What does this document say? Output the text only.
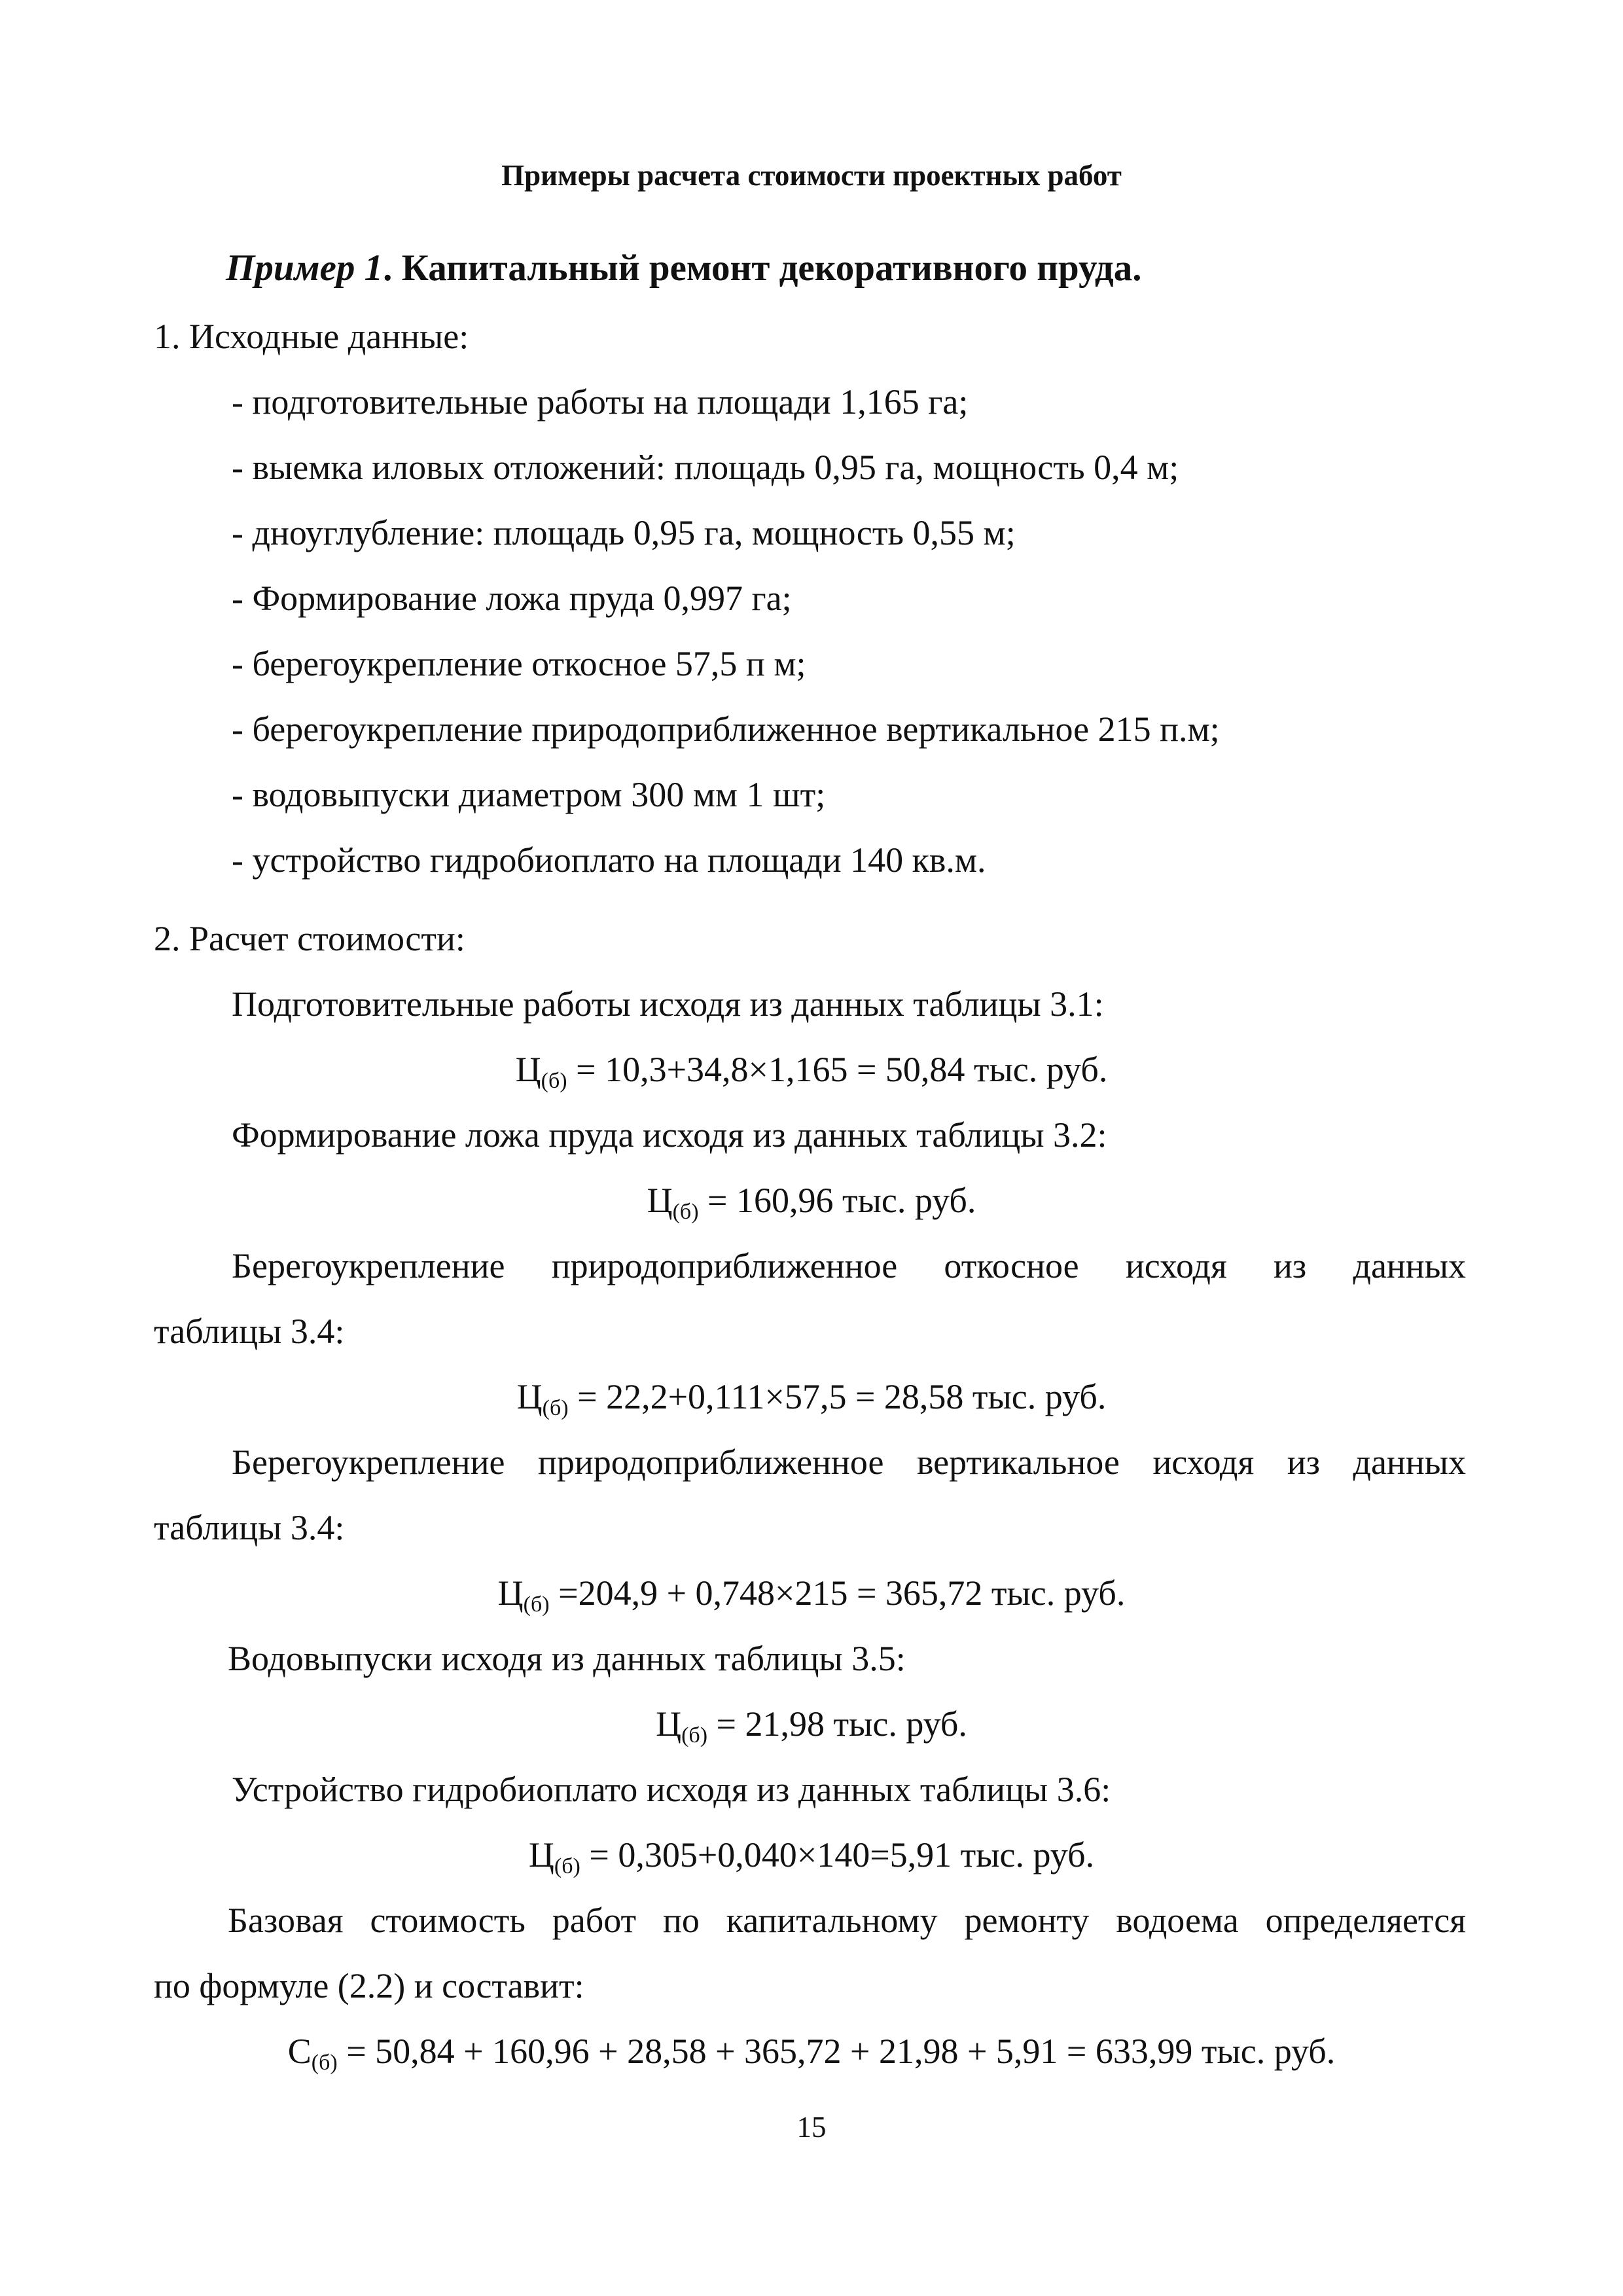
Примеры расчета стоимости проектных работ
Пример 1. Капитальный ремонт декоративного пруда.
1. Исходные данные:
- подготовительные работы на площади 1,165 га;
- выемка иловых отложений: площадь 0,95 га, мощность 0,4 м;
- дноуглубление: площадь 0,95 га, мощность 0,55 м;
- Формирование ложа пруда 0,997 га;
- берегоукрепление откосное 57,5 п м;
- берегоукрепление природоприближенное вертикальное 215 п.м;
- водовыпуски диаметром 300 мм 1 шт;
- устройство гидробиоплато на площади 140 кв.м.
2. Расчет стоимости:
Подготовительные работы исходя из данных таблицы 3.1:
$Ц_{(б)} = 10,3+34,8\times 1,165 = 50,84$ тыс. руб.
Формирование ложа пруда исходя из данных таблицы 3.2:
$Ц_{(б)} = 160,96$ тыс. руб.
Берегоукрепление природоприближенное откосное исходя из данных
таблицы 3.4:
$Ц_{(б)} = 22,2+0,111\times 57,5 = 28,58$ тыс. руб.
Берегоукрепление природоприближенное вертикальное исходя из данных
таблицы 3.4:
$Ц_{(б)} =204,9 + 0,748\times 215 = 365,72$ тыс. руб.
Водовыпуски исходя из данных таблицы 3.5:
$Ц_{(б)} = 21,98$ тыс. руб.
Устройство гидробиоплато исходя из данных таблицы 3.6:
$Ц_{(б)} = 0,305+0,040\times 140=5,91$ тыс. руб.
Базовая стоимость работ по капитальному ремонту водоема определяется
по формуле (2.2) и составит:
$С_{(б)} = 50,84 + 160,96 + 28,58 + 365,72 + 21,98 + 5,91 = 633,99$ тыс. руб.
15
